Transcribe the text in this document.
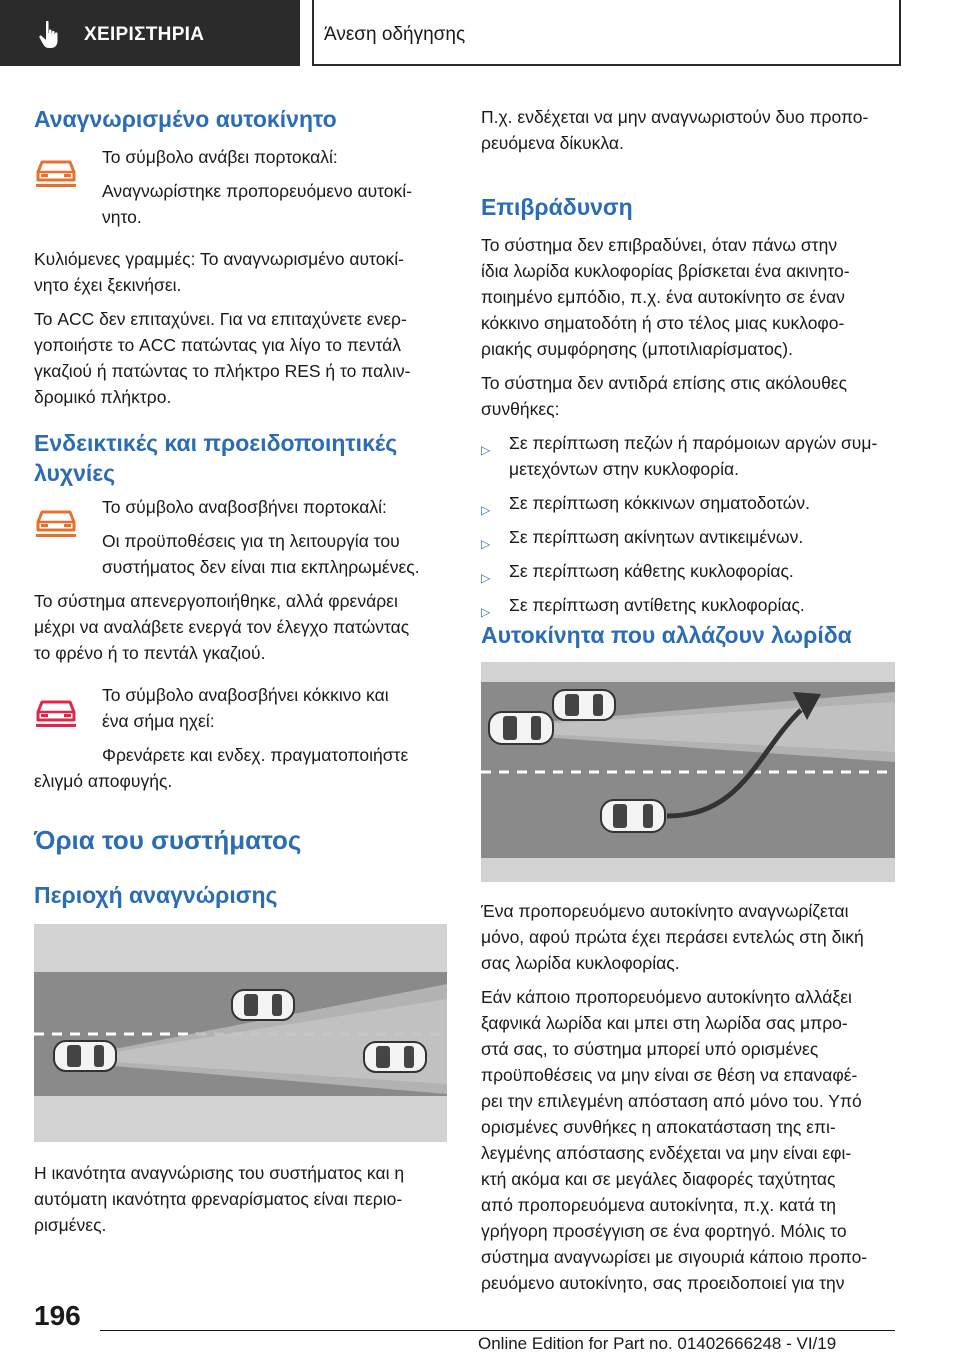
ΧΕΙΡΙΣΤΗΡΙΑ	Άνεση οδήγησης
Αναγνωρισμένο αυτοκίνητο
Το σύμβολο ανάβει πορτοκαλί:
Αναγνωρίστηκε προπορευόμενο αυτοκί-
νητο.
Κυλιόμενες γραμμές: Το αναγνωρισμένο αυτοκί-
νητο έχει ξεκινήσει.
Το ACC δεν επιταχύνει. Για να επιταχύνετε ενερ-
γοποιήστε το ACC πατώντας για λίγο το πεντάλ
γκαζιού ή πατώντας το πλήκτρο RES ή το παλιν-
δρομικό πλήκτρο.
Ενδεικτικές και προειδοποιητικές
λυχνίες
Το σύμβολο αναβοσβήνει πορτοκαλί:
Οι προϋποθέσεις για τη λειτουργία του
συστήματος δεν είναι πια εκπληρωμένες.
Το σύστημα απενεργοποιήθηκε, αλλά φρενάρει
μέχρι να αναλάβετε ενεργά τον έλεγχο πατώντας
το φρένο ή το πεντάλ γκαζιού.
Το σύμβολο αναβοσβήνει κόκκινο και
ένα σήμα ηχεί:
Φρενάρετε και ενδεχ. πραγματοποιήστε
ελιγμό αποφυγής.
Όρια του συστήματος
Περιοχή αναγνώρισης
Η ικανότητα αναγνώρισης του συστήματος και η
αυτόματη ικανότητα φρεναρίσματος είναι περιο-
ρισμένες.
Π.χ. ενδέχεται να μην αναγνωριστούν δυο προπο-
ρευόμενα δίκυκλα.
Επιβράδυνση
Το σύστημα δεν επιβραδύνει, όταν πάνω στην
ίδια λωρίδα κυκλοφορίας βρίσκεται ένα ακινητο-
ποιημένο εμπόδιο, π.χ. ένα αυτοκίνητο σε έναν
κόκκινο σηματοδότη ή στο τέλος μιας κυκλοφο-
ριακής συμφόρησης (μποτιλιαρίσματος).
Το σύστημα δεν αντιδρά επίσης στις ακόλουθες
συνθήκες:
▷ Σε περίπτωση πεζών ή παρόμοιων αργών συμ-
μετεχόντων στην κυκλοφορία.
▷ Σε περίπτωση κόκκινων σηματοδοτών.
▷ Σε περίπτωση ακίνητων αντικειμένων.
▷ Σε περίπτωση κάθετης κυκλοφορίας.
▷ Σε περίπτωση αντίθετης κυκλοφορίας.
Αυτοκίνητα που αλλάζουν λωρίδα
Ένα προπορευόμενο αυτοκίνητο αναγνωρίζεται
μόνο, αφού πρώτα έχει περάσει εντελώς στη δική
σας λωρίδα κυκλοφορίας.
Εάν κάποιο προπορευόμενο αυτοκίνητο αλλάξει
ξαφνικά λωρίδα και μπει στη λωρίδα σας μπρο-
στά σας, το σύστημα μπορεί υπό ορισμένες
προϋποθέσεις να μην είναι σε θέση να επαναφέ-
ρει την επιλεγμένη απόσταση από μόνο του. Υπό
ορισμένες συνθήκες η αποκατάσταση της επι-
λεγμένης απόστασης ενδέχεται να μην είναι εφι-
κτή ακόμα και σε μεγάλες διαφορές ταχύτητας
από προπορευόμενα αυτοκίνητα, π.χ. κατά τη
γρήγορη προσέγγιση σε ένα φορτηγό. Μόλις το
σύστημα αναγνωρίσει με σιγουριά κάποιο προπο-
ρευόμενο αυτοκίνητο, σας προειδοποιεί για την
196
Online Edition for Part no. 01402666248 - VI/19
